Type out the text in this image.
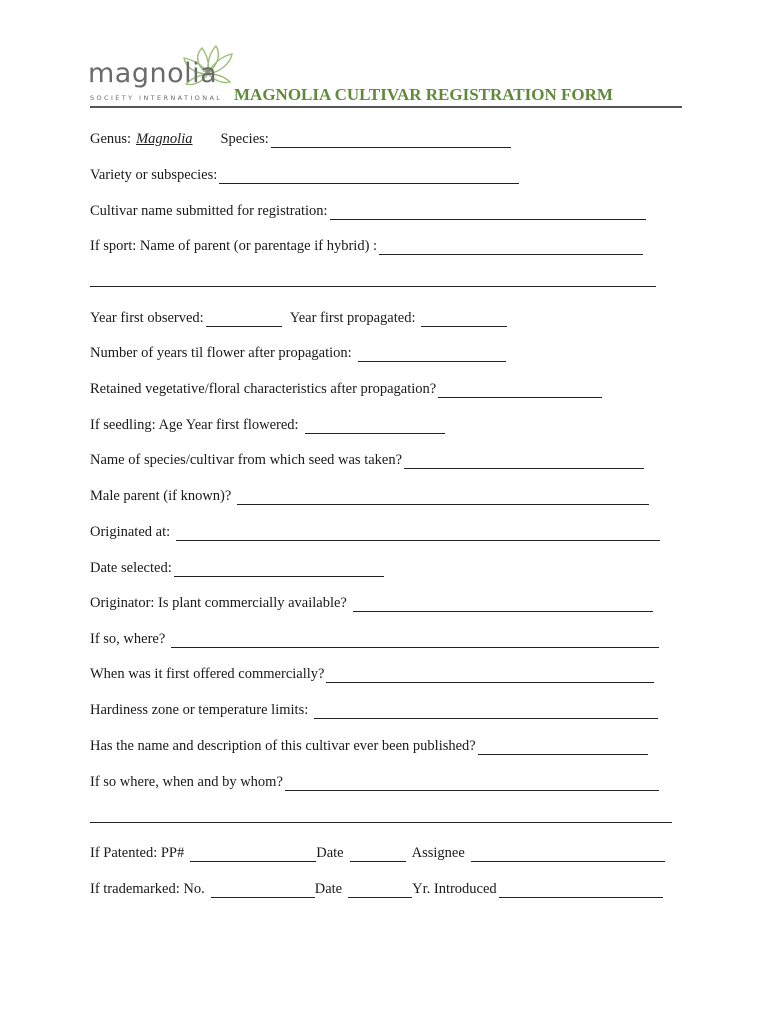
magnolia
SOCIETY INTERNATIONAL MAGNOLIA CULTIVAR REGISTRATION FORM
Genus: Magnolia Species:
Variety or subspecies:
Cultivar name submitted for registration:
If sport: Name of parent (or parentage if hybrid) :
Year first observed:	Year first propagated:
Number of years til flower after propagation:
Retained vegetative/floral characteristics after propagation?
If seedling: Age Year first flowered:
Name of species/cultivar from which seed was taken?
Male parent (if known)?
Originated at:
Date selected:
Originator: Is plant commercially available?
If so, where?
When was it first offered commercially?
Hardiness zone or temperature limits:
Has the name and description of this cultivar ever been published?
If so where, when and by whom?
If Patented: PP#	Date	Assignee
If trademarked: No.	Date	Yr. Introduced
